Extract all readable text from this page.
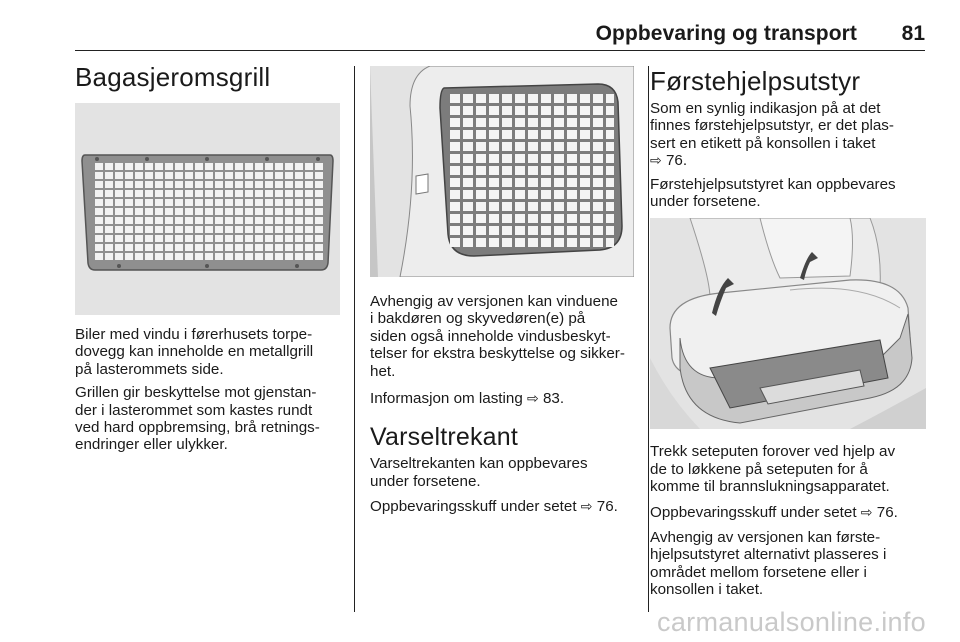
Oppbevaring og transport 81
Bagasjeromsgrill

Biler med vindu i førerhusets torpe-
dovegg kan inneholde en metallgrill
på lasterommets side.

Grillen gir beskyttelse mot gjenstan-
der i lasterommet som kastes rundt
ved hard oppbremsing, brå retnings-
endringer eller ulykker.

Avhengig av versjonen kan vinduene
i bakdøren og skyvedøren(e) på
siden også inneholde vindusbeskyt-
telser for ekstra beskyttelse og sikker-
het.

Informasjon om lasting ⇨ 83.

Varseltrekant

Varseltrekanten kan oppbevares
under forsetene.

Oppbevaringsskuff under setet ⇨ 76.

Førstehjelpsutstyr

Som en synlig indikasjon på at det
finnes førstehjelpsutstyr, er det plas-
sert en etikett på konsollen i taket
⇨ 76.

Førstehjelpsutstyret kan oppbevares
under forsetene.

Trekk seteputen forover ved hjelp av
de to løkkene på seteputen for å
komme til brannslukningsapparatet.

Oppbevaringsskuff under setet ⇨ 76.

Avhengig av versjonen kan første-
hjelpsutstyret alternativt plasseres i
området mellom forsetene eller i
konsollen i taket.

carmanualsonline.info
